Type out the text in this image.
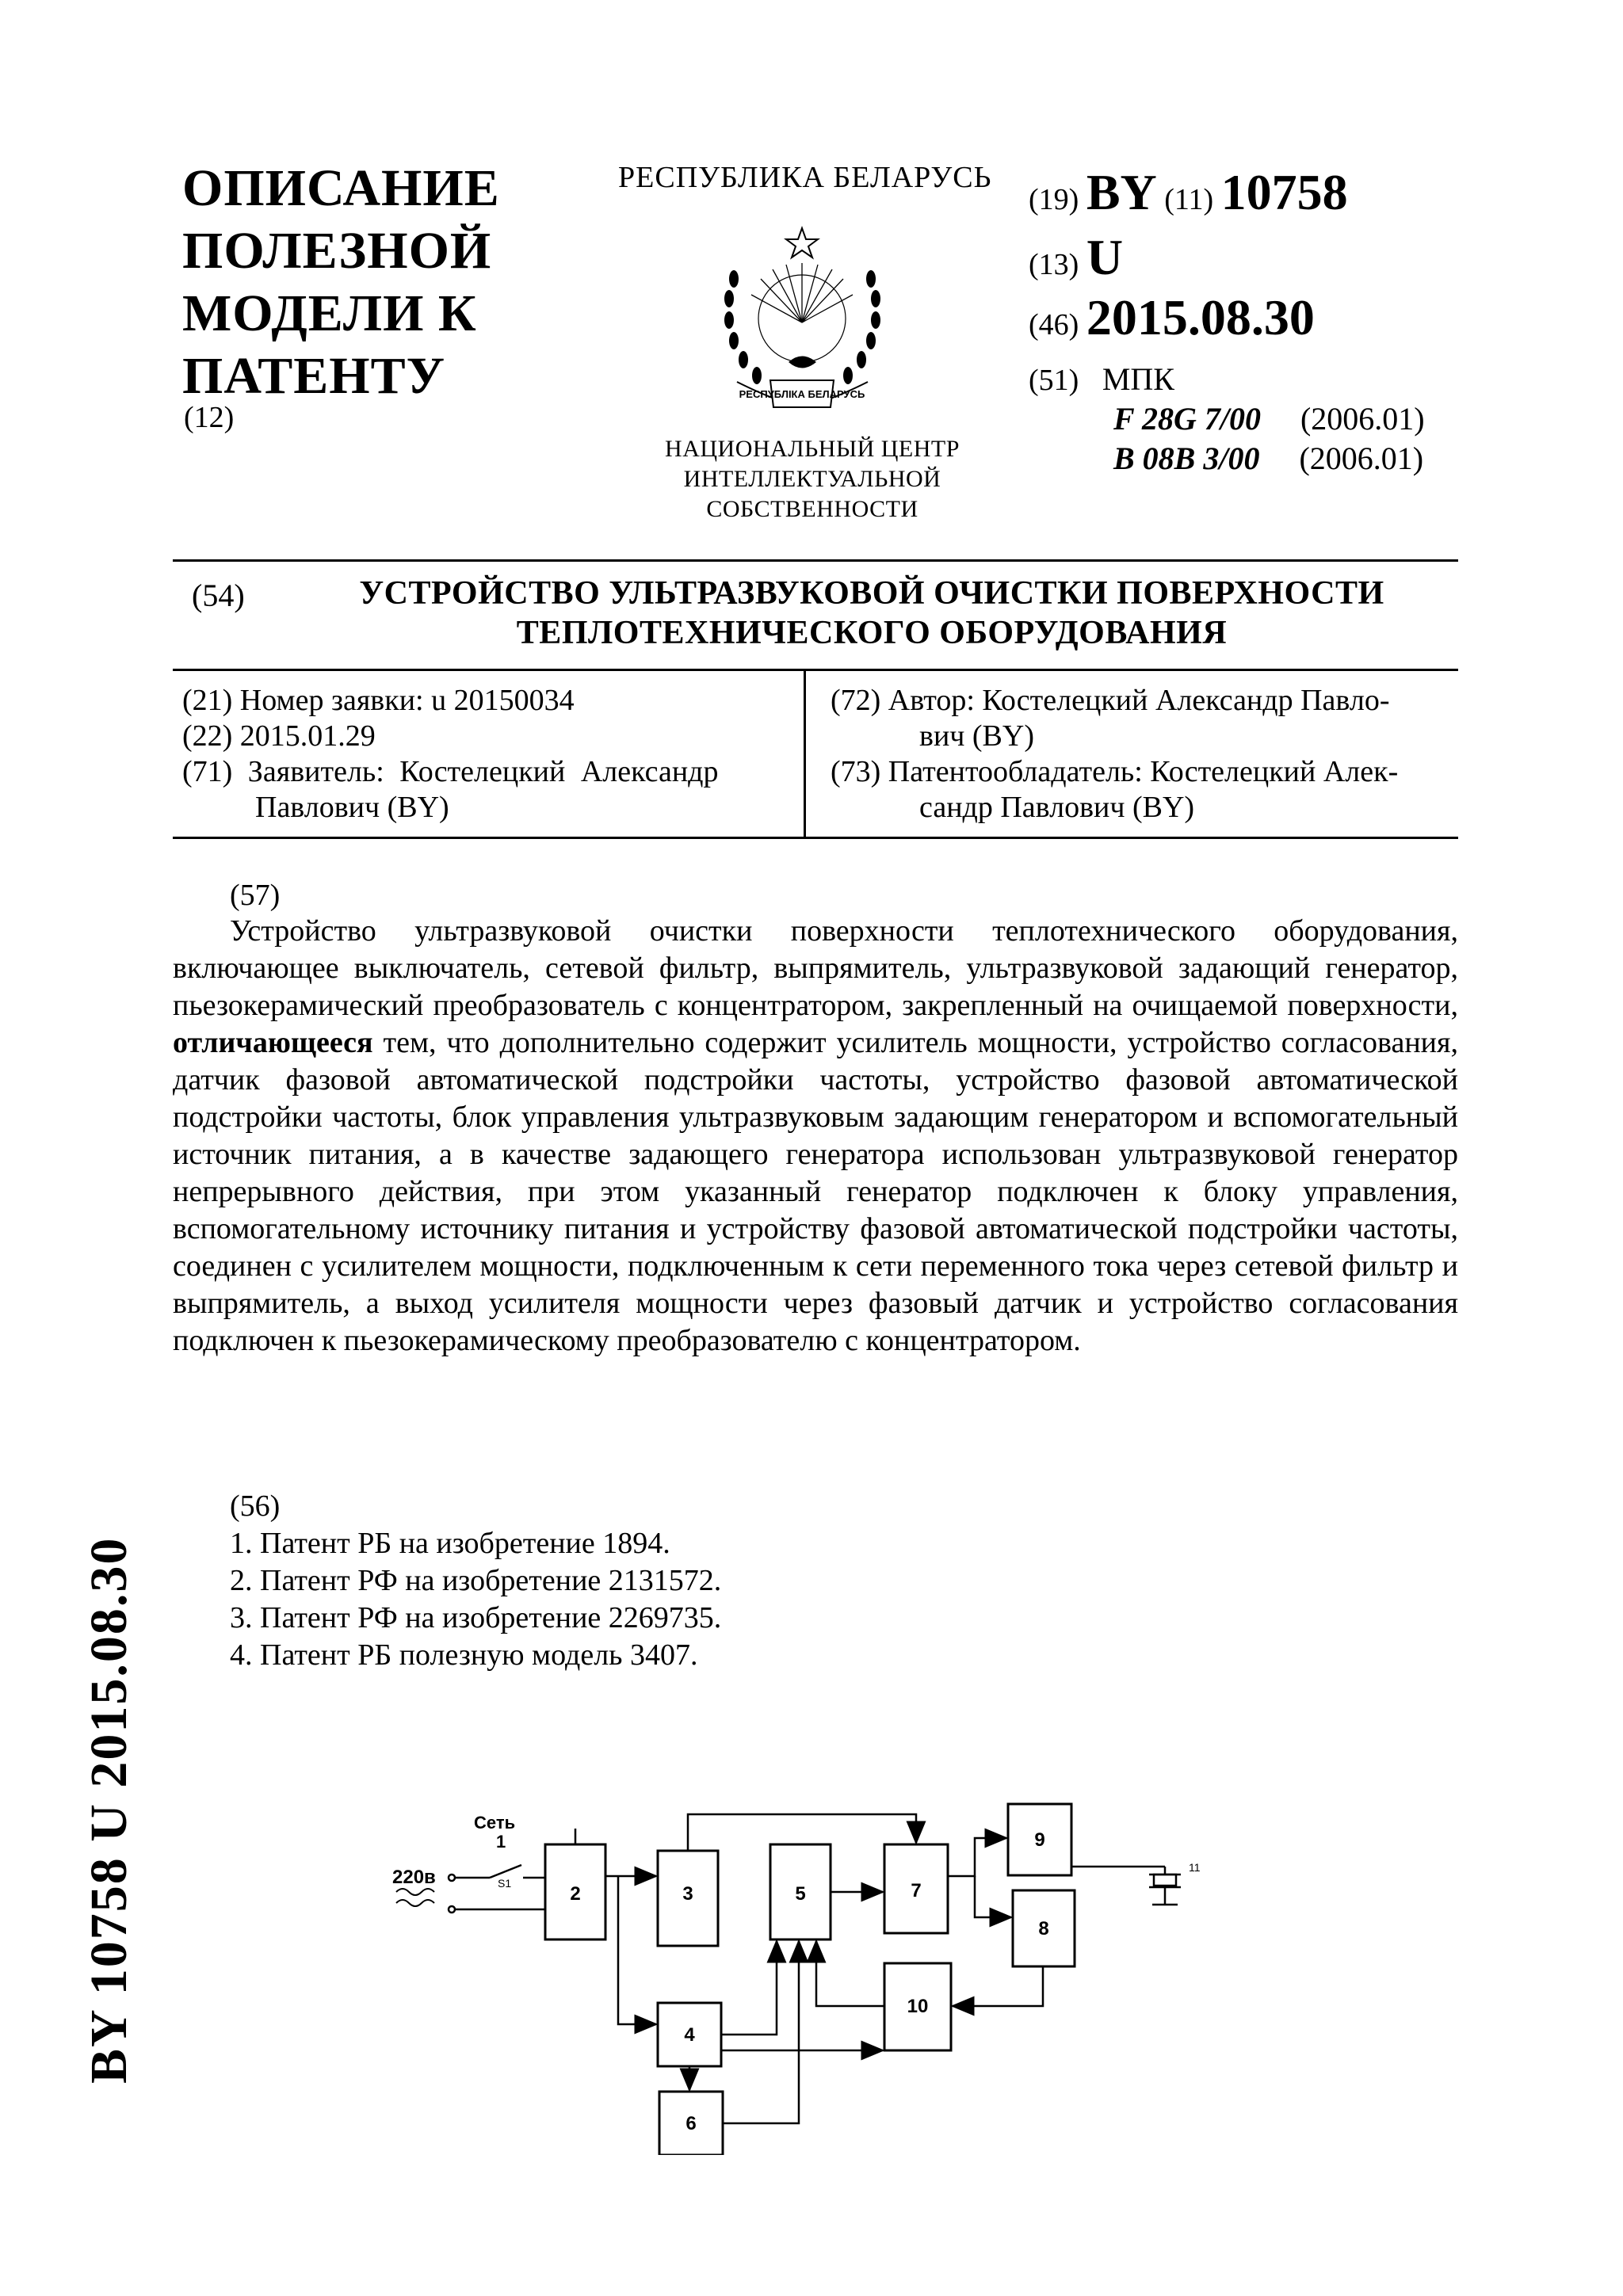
ОПИСАНИЕ
ПОЛЕЗНОЙ
МОДЕЛИ К
ПАТЕНТУ
(12)
РЕСПУБЛИКА БЕЛАРУСЬ
РЕСПУБЛІКА БЕЛАРУСЬ
НАЦИОНАЛЬНЫЙ ЦЕНТР
ИНТЕЛЛЕКТУАЛЬНОЙ
СОБСТВЕННОСТИ
(19) BY (11) 10758
(13) U
(46) 2015.08.30
(51) МПК
F 28G 7/00 (2006.01)
B 08B 3/00 (2006.01)
(54)	УСТРОЙСТВО УЛЬТРАЗВУКОВОЙ ОЧИСТКИ ПОВЕРХНОСТИ
ТЕПЛОТЕХНИЧЕСКОГО ОБОРУДОВАНИЯ
(21) Номер заявки: u 20150034
(22) 2015.01.29
(71) Заявитель: Костелецкий Александр
Павлович (BY)
(72) Автор: Костелецкий Александр Павло-
вич (BY)
(73) Патентообладатель: Костелецкий Алек-
сандр Павлович (BY)
(57)
Устройство ультразвуковой очистки поверхности теплотехнического оборудования, включающее выключатель, сетевой фильтр, выпрямитель, ультразвуковой задающий генератор, пьезокерамический преобразователь с концентратором, закрепленный на очищаемой поверхности, отличающееся тем, что дополнительно содержит усилитель мощности, устройство согласования, датчик фазовой автоматической подстройки частоты, устройство фазовой автоматической подстройки частоты, блок управления ультразвуковым задающим генератором и вспомогательный источник питания, а в качестве задающего генератора использован ультразвуковой генератор непрерывного действия, при этом указанный генератор подключен к блоку управления, вспомогательному источнику питания и устройству фазовой автоматической подстройки частоты, соединен с усилителем мощности, подключенным к сети переменного тока через сетевой фильтр и выпрямитель, а выход усилителя мощности через фазовый датчик и устройство согласования подключен к пьезокерамическому преобразователю с концентратором.
(56)
1. Патент РБ на изобретение 1894.
2. Патент РФ на изобретение 2131572.
3. Патент РФ на изобретение 2269735.
4. Патент РБ полезную модель 3407.
BY 10758 U 2015.08.30	2	3
4
5
6
7
8
9
10
220в
Сеть
1
S1
11
